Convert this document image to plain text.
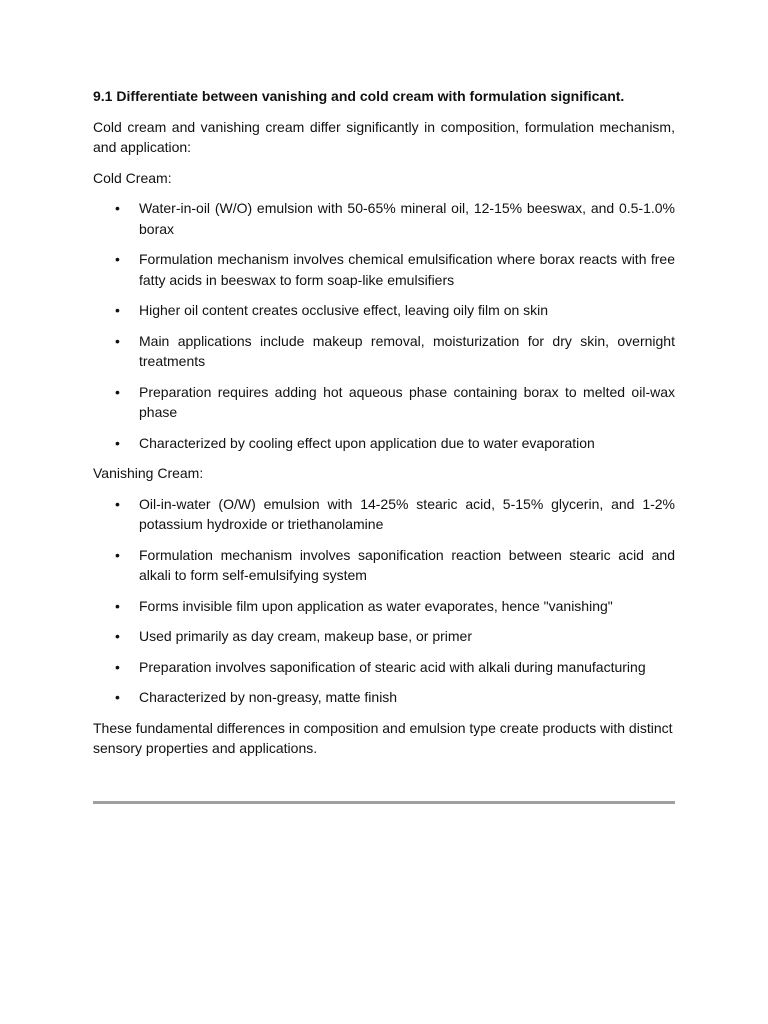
9.1 Differentiate between vanishing and cold cream with formulation significant.

Cold cream and vanishing cream differ significantly in composition, formulation mechanism, and application:

Cold Cream:

• Water-in-oil (W/O) emulsion with 50-65% mineral oil, 12-15% beeswax, and 0.5-1.0% borax
• Formulation mechanism involves chemical emulsification where borax reacts with free fatty acids in beeswax to form soap-like emulsifiers
• Higher oil content creates occlusive effect, leaving oily film on skin
• Main applications include makeup removal, moisturization for dry skin, overnight treatments
• Preparation requires adding hot aqueous phase containing borax to melted oil-wax phase
• Characterized by cooling effect upon application due to water evaporation

Vanishing Cream:

• Oil-in-water (O/W) emulsion with 14-25% stearic acid, 5-15% glycerin, and 1-2% potassium hydroxide or triethanolamine
• Formulation mechanism involves saponification reaction between stearic acid and alkali to form self-emulsifying system
• Forms invisible film upon application as water evaporates, hence "vanishing"
• Used primarily as day cream, makeup base, or primer
• Preparation involves saponification of stearic acid with alkali during manufacturing
• Characterized by non-greasy, matte finish

These fundamental differences in composition and emulsion type create products with distinct sensory properties and applications.
